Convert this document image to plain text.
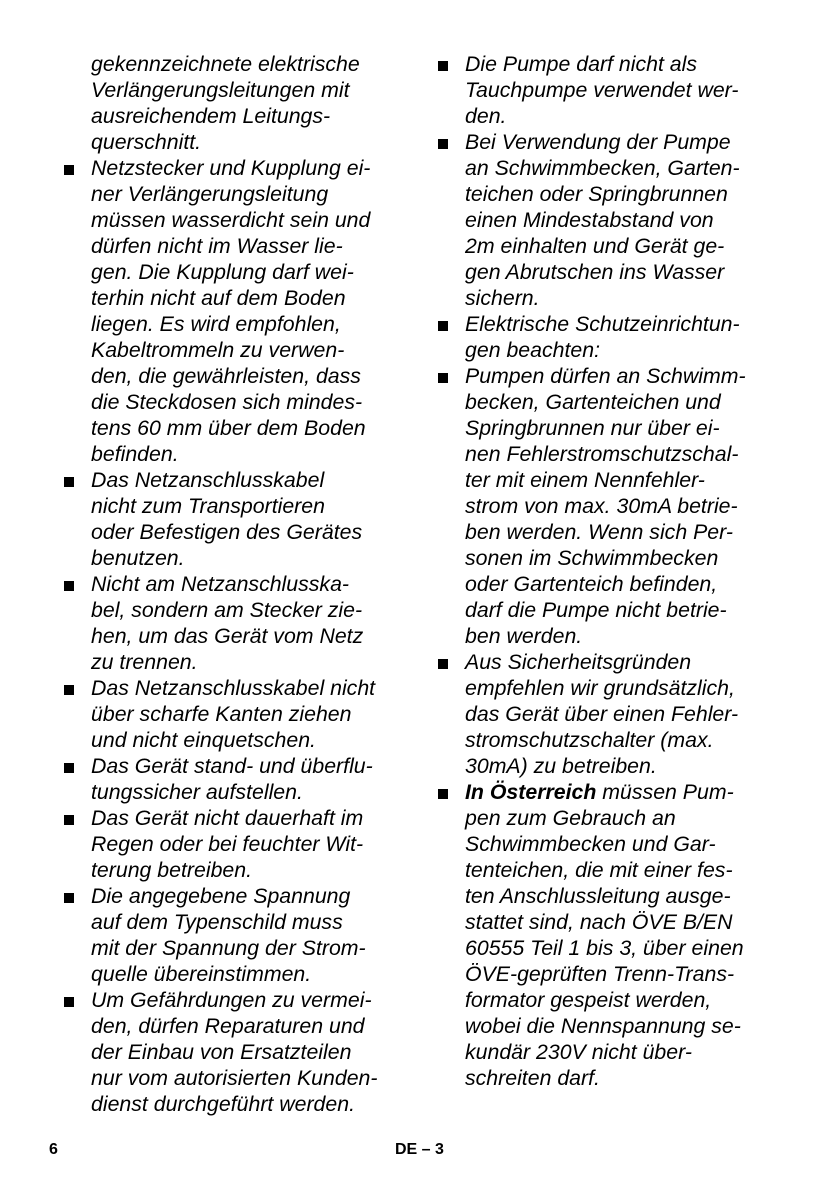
gekennzeichnete elektrische
Verlängerungsleitungen mit
ausreichendem Leitungs-
querschnitt.
Netzstecker und Kupplung ei-
ner Verlängerungsleitung
müssen wasserdicht sein und
dürfen nicht im Wasser lie-
gen. Die Kupplung darf wei-
terhin nicht auf dem Boden
liegen. Es wird empfohlen,
Kabeltrommeln zu verwen-
den, die gewährleisten, dass
die Steckdosen sich mindes-
tens 60 mm über dem Boden
befinden.
Das Netzanschlusskabel
nicht zum Transportieren
oder Befestigen des Gerätes
benutzen.
Nicht am Netzanschlusska-
bel, sondern am Stecker zie-
hen, um das Gerät vom Netz
zu trennen.
Das Netzanschlusskabel nicht
über scharfe Kanten ziehen
und nicht einquetschen.
Das Gerät stand- und überflu-
tungssicher aufstellen.
Das Gerät nicht dauerhaft im
Regen oder bei feuchter Wit-
terung betreiben.
Die angegebene Spannung
auf dem Typenschild muss
mit der Spannung der Strom-
quelle übereinstimmen.
Um Gefährdungen zu vermei-
den, dürfen Reparaturen und
der Einbau von Ersatzteilen
nur vom autorisierten Kunden-
dienst durchgeführt werden.
Die Pumpe darf nicht als
Tauchpumpe verwendet wer-
den.
Bei Verwendung der Pumpe
an Schwimmbecken, Garten-
teichen oder Springbrunnen
einen Mindestabstand von
2m einhalten und Gerät ge-
gen Abrutschen ins Wasser
sichern.
Elektrische Schutzeinrichtun-
gen beachten:
Pumpen dürfen an Schwimm-
becken, Gartenteichen und
Springbrunnen nur über ei-
nen Fehlerstromschutzschal-
ter mit einem Nennfehler-
strom von max. 30mA betrie-
ben werden. Wenn sich Per-
sonen im Schwimmbecken
oder Gartenteich befinden,
darf die Pumpe nicht betrie-
ben werden.
Aus Sicherheitsgründen
empfehlen wir grundsätzlich,
das Gerät über einen Fehler-
stromschutzschalter (max.
30mA) zu betreiben.
In Österreich müssen Pum-
pen zum Gebrauch an
Schwimmbecken und Gar-
tenteichen, die mit einer fes-
ten Anschlussleitung ausge-
stattet sind, nach ÖVE B/EN
60555 Teil 1 bis 3, über einen
ÖVE-geprüften Trenn-Trans-
formator gespeist werden,
wobei die Nennspannung se-
kundär 230V nicht über-
schreiten darf.
6	DE – 3
